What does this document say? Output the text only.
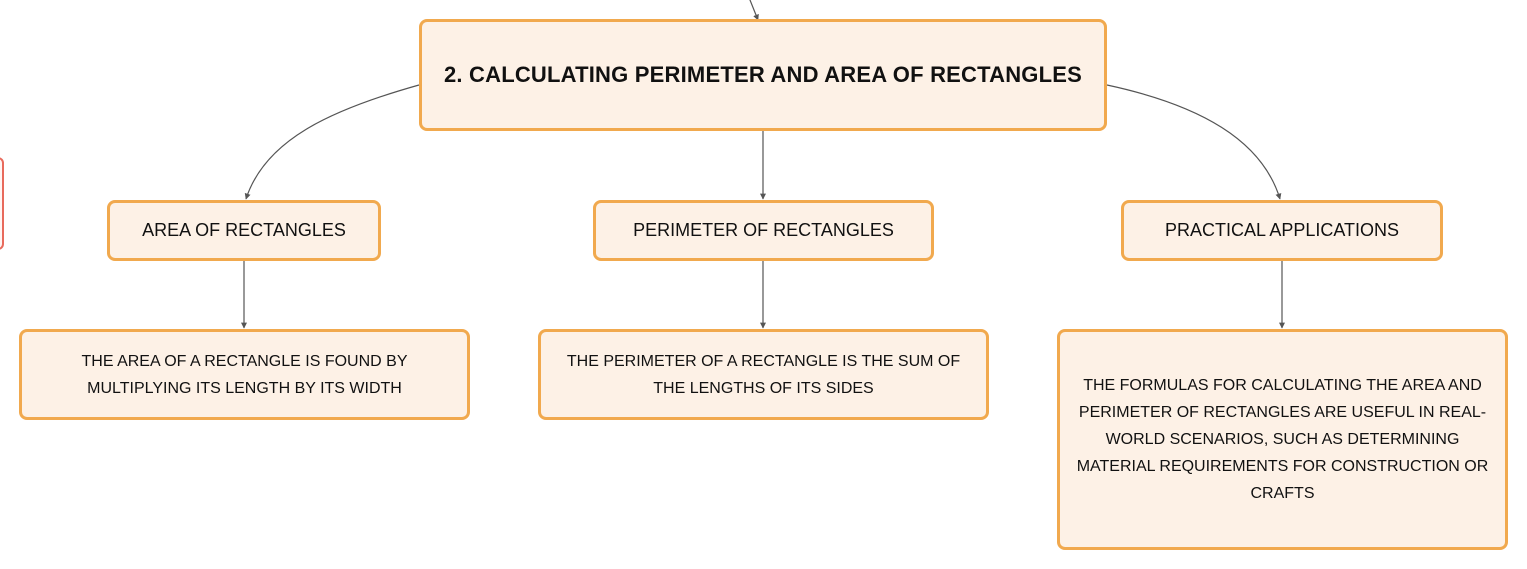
2. CALCULATING PERIMETER AND AREA OF RECTANGLES
AREA OF RECTANGLES	PERIMETER OF RECTANGLES	PRACTICAL APPLICATIONS
THE AREA OF A RECTANGLE IS FOUND BY MULTIPLYING ITS LENGTH BY ITS WIDTH
THE PERIMETER OF A RECTANGLE IS THE SUM OF THE LENGTHS OF ITS SIDES	THE FORMULAS FOR CALCULATING THE AREA AND PERIMETER OF RECTANGLES ARE USEFUL IN REAL-WORLD SCENARIOS, SUCH AS DETERMINING MATERIAL REQUIREMENTS FOR CONSTRUCTION OR CRAFTS
